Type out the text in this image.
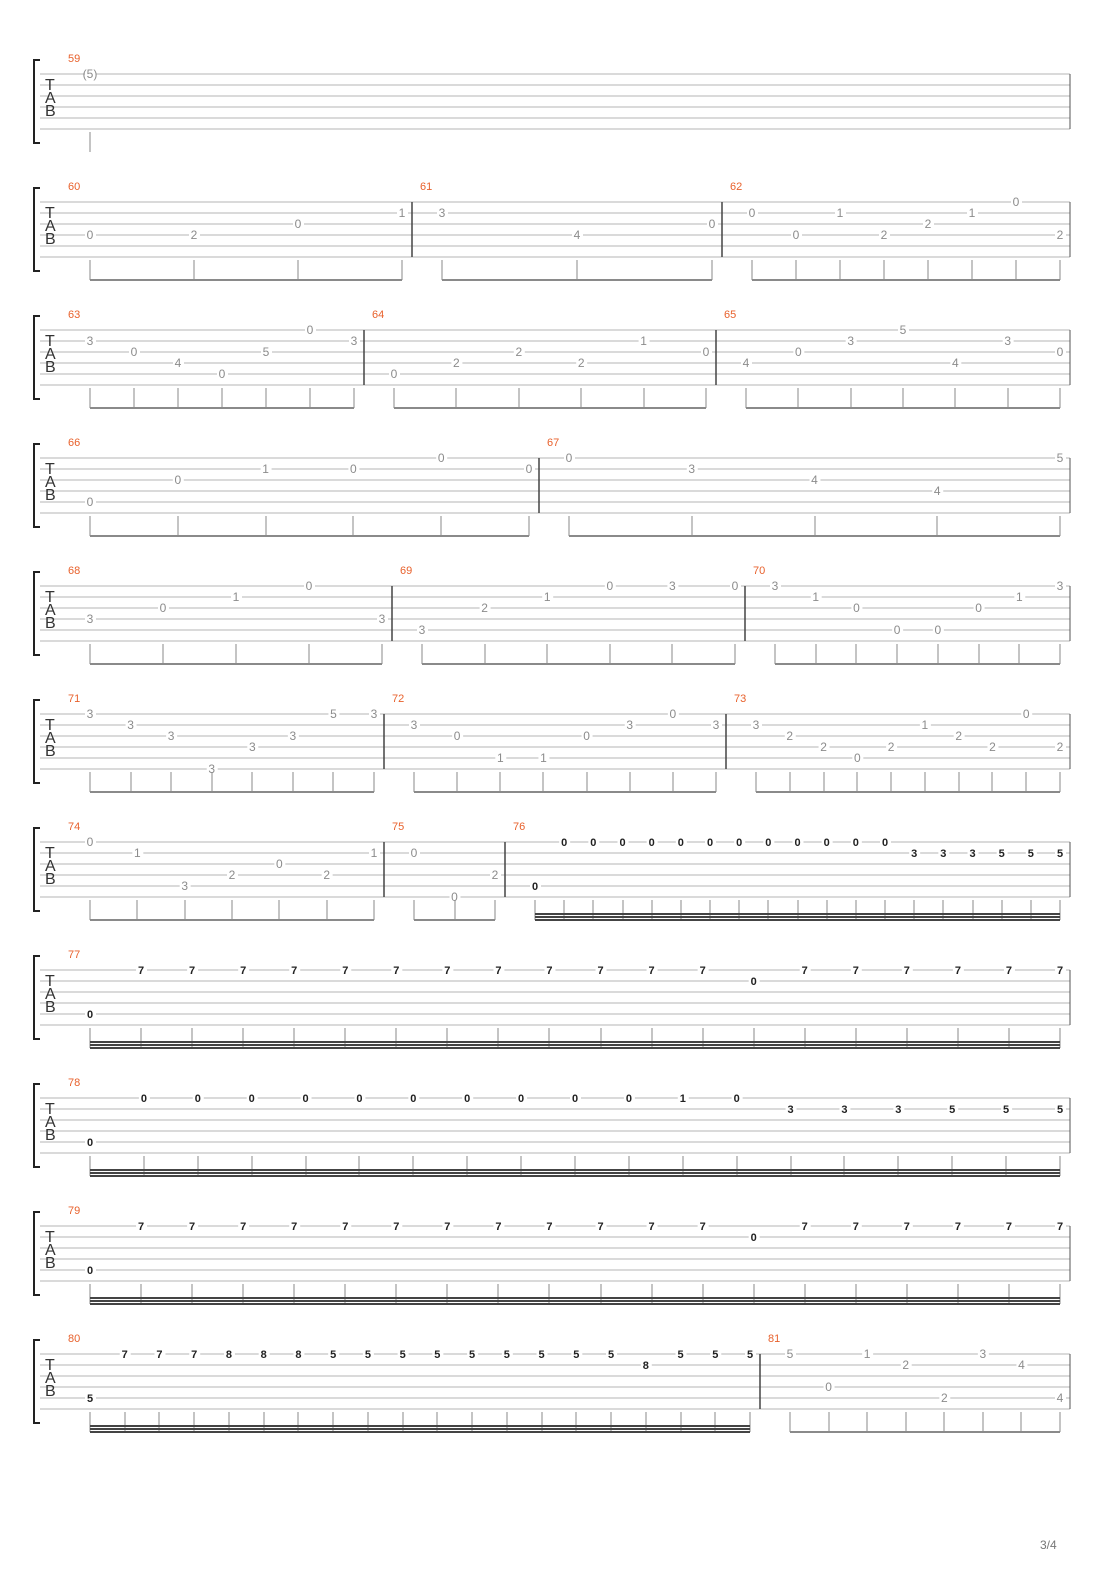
T
A
B
59
(5)
T
A
B
60
0	2
0
1
61
3
4
0
62
0
0
1
2
2
1
0
2
T
A
B
63
3
0
4
0
5
0
3
64
0
2
2
2
1
0
65
4
0
3
5
4
3
0
T
A
B
66
0
0
1	0
0
0
67
0
3
4
4
5
T
A
B
68
3
0
1
0
3
69
3
2
1
0	3	0
70
3
1
0
0	0
0
1
3
T
A
B
71
3
3
3
3
3
3
5	3
72
3
0
1	1
0
3
0
3
73
3
2
2
0
2
1
2
2
0
2
T
A
B
74
0
1
3
2
0
2
1
75
0
0
2
76
0
0 0 0 0 0 0 0 0 0 0 0 0
3 3 3 5 5 5
T
A
B
77
0
7	7	7	7	7	7	7	7	7	7	7	7
0
7	7	7	7	7	7
T
A
B
78
0
0	0	0	0	0	0	0	0	0	0	1	0
3	3	3	5	5	5
T
A
B
79
0
7	7	7	7	7	7	7	7	7	7	7	7
0
7	7	7	7	7	7
T
A
B
80
5
7	7	7	8	8	8	5	5	5	5	5	5	5	5	5
8
5	5	5
81
5
0
1
2
2
3
4
4
3/4
